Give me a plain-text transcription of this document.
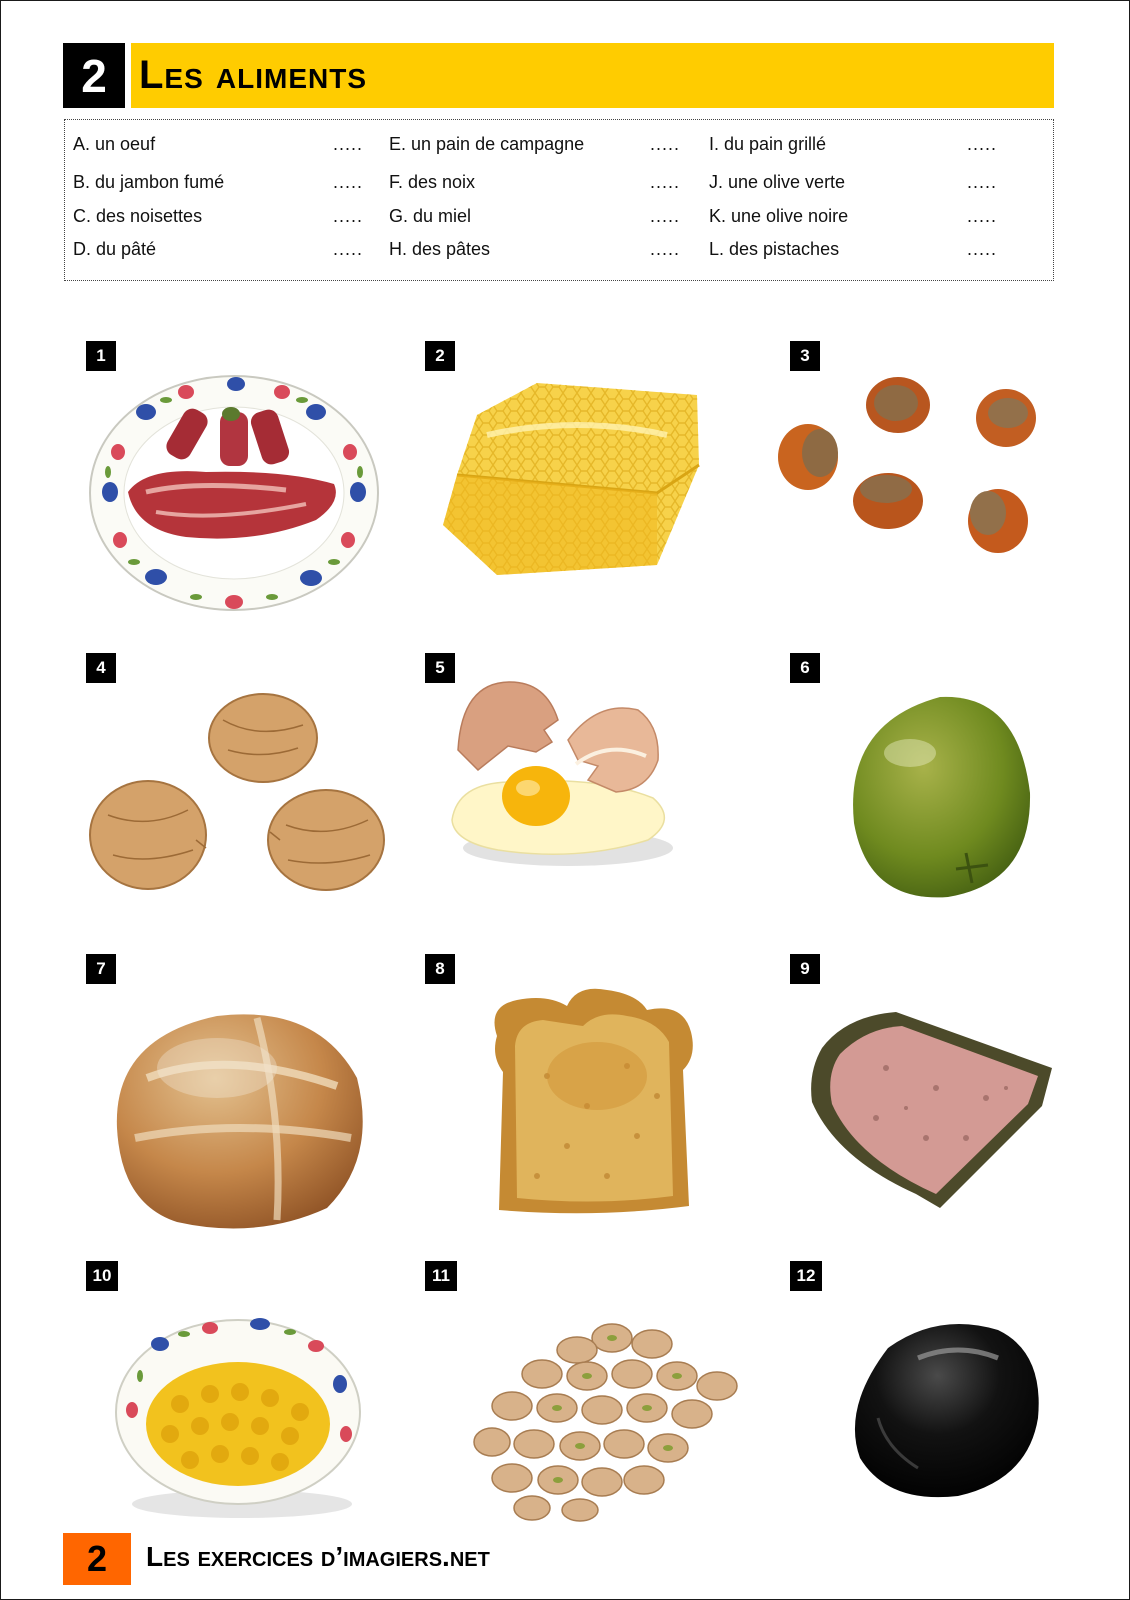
2 Les aliments
A. un oeuf	.....
B. du jambon fumé	.....
C. des noisettes	.....
D. du pâté	.....
E. un pain de campagne	.....
F. des noix	.....
G. du miel	.....
H. des pâtes	.....
I. du pain grillé	.....
J. une olive verte	.....
K. une olive noire	.....
L. des pistaches	.....
1	2	3
4	5	6
7	8	9
10	11	12
2	Les exercices d’imagiers.net
